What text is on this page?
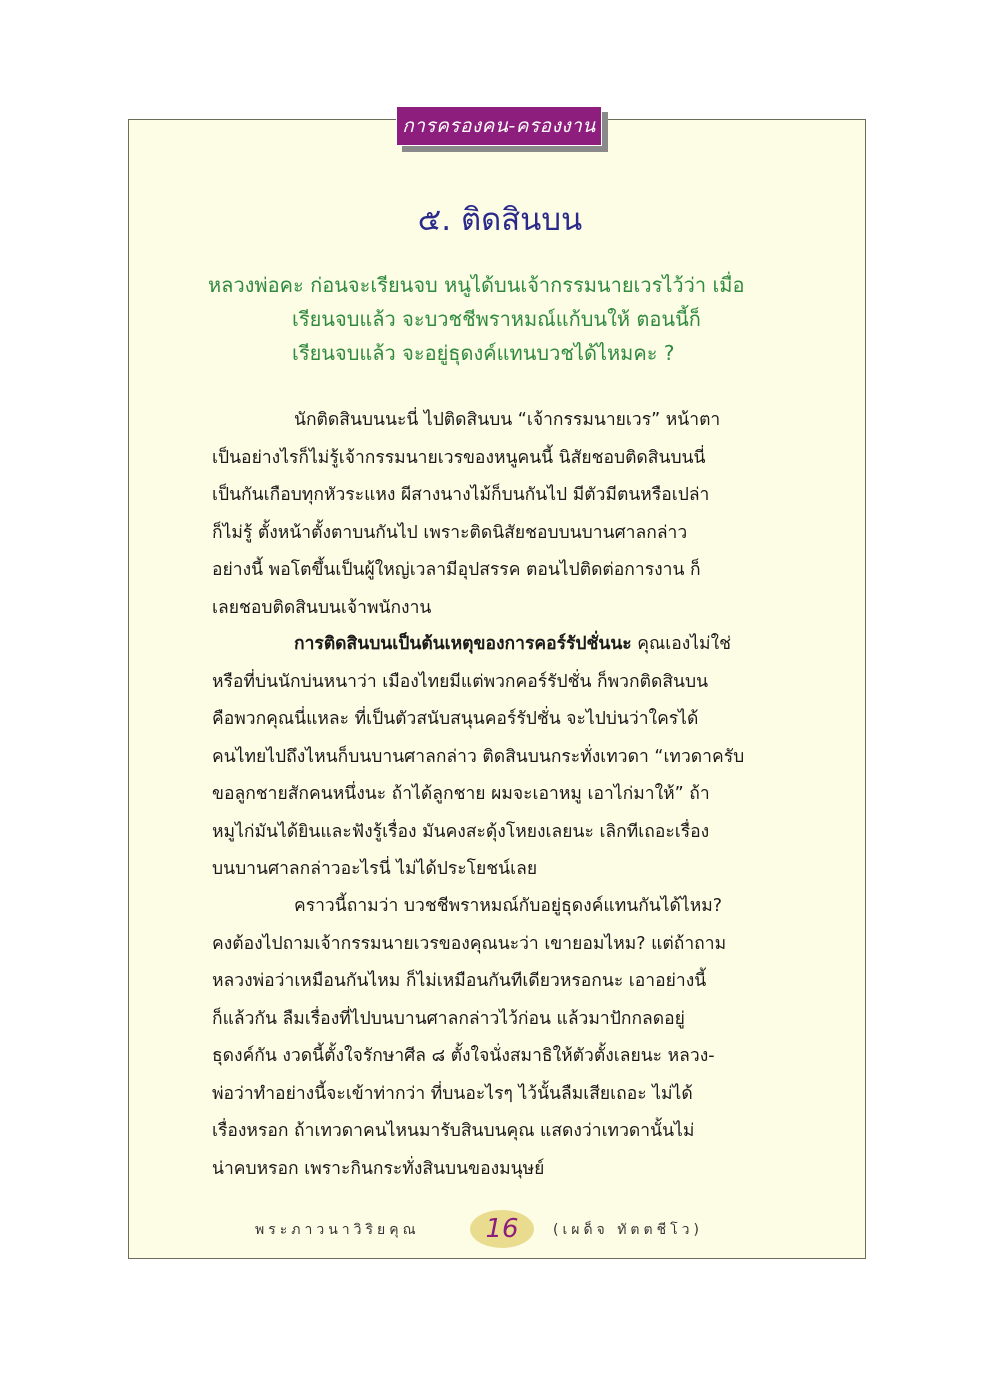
การครองคน-ครองงาน
๕. ติดสินบน
หลวงพ่อคะ ก่อนจะเรียนจบ หนูได้บนเจ้ากรรมนายเวรไว้ว่า เมื่อ
เรียนจบแล้ว จะบวชชีพราหมณ์แก้บนให้ ตอนนี้ก็
เรียนจบแล้ว จะอยู่ธุดงค์แทนบวชได้ไหมคะ ?
นักติดสินบนนะนี่ ไปติดสินบน “เจ้ากรรมนายเวร” หน้าตา
เป็นอย่างไรก็ไม่รู้เจ้ากรรมนายเวรของหนูคนนี้ นิสัยชอบติดสินบนนี่
เป็นกันเกือบทุกหัวระแหง ผีสางนางไม้ก็บนกันไป มีตัวมีตนหรือเปล่า
ก็ไม่รู้ ตั้งหน้าตั้งตาบนกันไป เพราะติดนิสัยชอบบนบานศาลกล่าว
อย่างนี้ พอโตขึ้นเป็นผู้ใหญ่เวลามีอุปสรรค ตอนไปติดต่อการงาน ก็
เลยชอบติดสินบนเจ้าพนักงาน
การติดสินบนเป็นต้นเหตุของการคอร์รัปชั่นนะ คุณเองไม่ใช่
หรือที่บ่นนักบ่นหนาว่า เมืองไทยมีแต่พวกคอร์รัปชั่น ก็พวกติดสินบน
คือพวกคุณนี่แหละ ที่เป็นตัวสนับสนุนคอร์รัปชั่น จะไปบ่นว่าใครได้
คนไทยไปถึงไหนก็บนบานศาลกล่าว ติดสินบนกระทั่งเทวดา “เทวดาครับ
ขอลูกชายสักคนหนึ่งนะ ถ้าได้ลูกชาย ผมจะเอาหมู เอาไก่มาให้” ถ้า
หมูไก่มันได้ยินและฟังรู้เรื่อง มันคงสะดุ้งโหยงเลยนะ เลิกทีเถอะเรื่อง
บนบานศาลกล่าวอะไรนี่ ไม่ได้ประโยชน์เลย
คราวนี้ถามว่า บวชชีพราหมณ์กับอยู่ธุดงค์แทนกันได้ไหม?
คงต้องไปถามเจ้ากรรมนายเวรของคุณนะว่า เขายอมไหม? แต่ถ้าถาม
หลวงพ่อว่าเหมือนกันไหม ก็ไม่เหมือนกันทีเดียวหรอกนะ เอาอย่างนี้
ก็แล้วกัน ลืมเรื่องที่ไปบนบานศาลกล่าวไว้ก่อน แล้วมาปักกลดอยู่
ธุดงค์กัน งวดนี้ตั้งใจรักษาศีล ๘ ตั้งใจนั่งสมาธิให้ตัวตั้งเลยนะ หลวง-
พ่อว่าทำอย่างนี้จะเข้าท่ากว่า ที่บนอะไรๆ ไว้นั้นลืมเสียเถอะ ไม่ได้
เรื่องหรอก ถ้าเทวดาคนไหนมารับสินบนคุณ แสดงว่าเทวดานั้นไม่
น่าคบหรอก เพราะกินกระทั่งสินบนของมนุษย์
พระภาวนาวิริยคุณ	16	(เผด็จ ทัตตชีโว)
